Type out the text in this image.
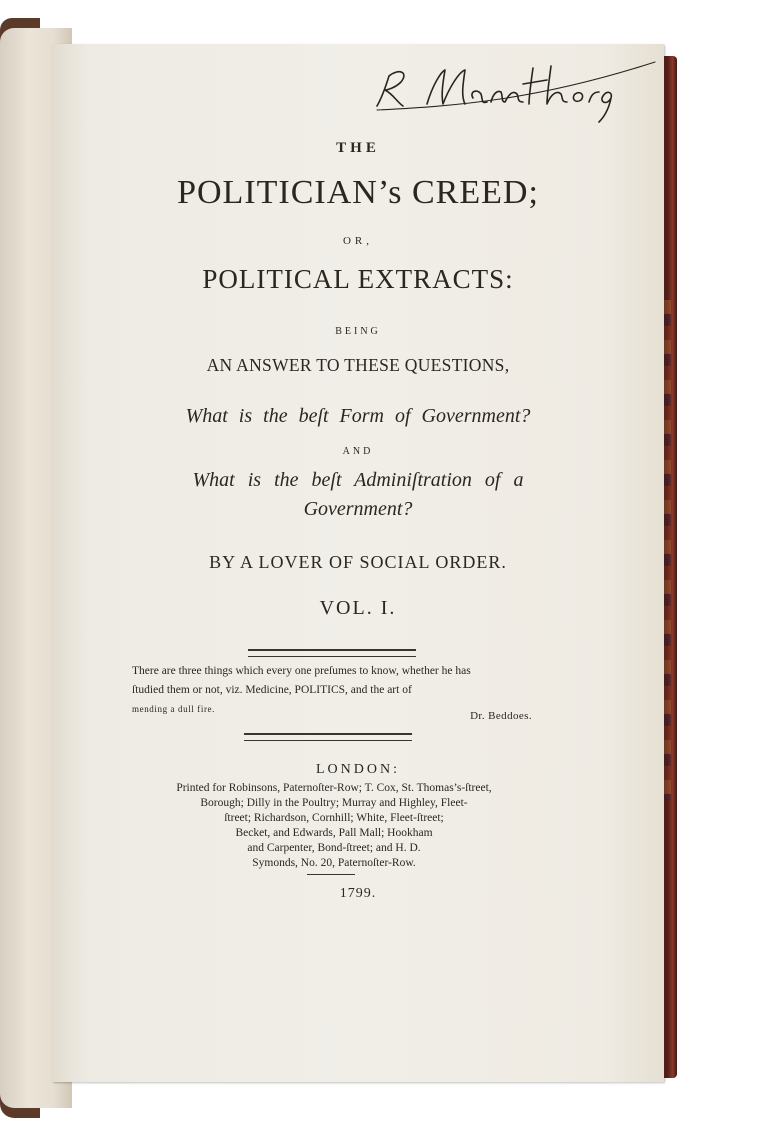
THE
POLITICIAN’s CREED;
OR,
POLITICAL EXTRACTS:
BEING
AN ANSWER TO THESE QUESTIONS,
What is the beſt Form of Government?
AND
What is the beſt Adminiſtration of a
Government?
BY A LOVER OF SOCIAL ORDER.
VOL. I.
There are three things which every one preſumes to know, whether he has
ſtudied them or not, viz. Medicine, POLITICS, and the art of
mending a dull fire.
Dr. Beddoes.
LONDON:
Printed for Robinsons, Paternoſter-Row; T. Cox, St. Thomas’s-ſtreet,
Borough; Dilly in the Poultry; Murray and Highley, Fleet-
ſtreet; Richardson, Cornhill; White, Fleet-ſtreet;
Becket, and Edwards, Pall Mall; Hookham
and Carpenter, Bond-ſtreet; and H. D.
Symonds, No. 20, Paternoſter-Row.
1799.
